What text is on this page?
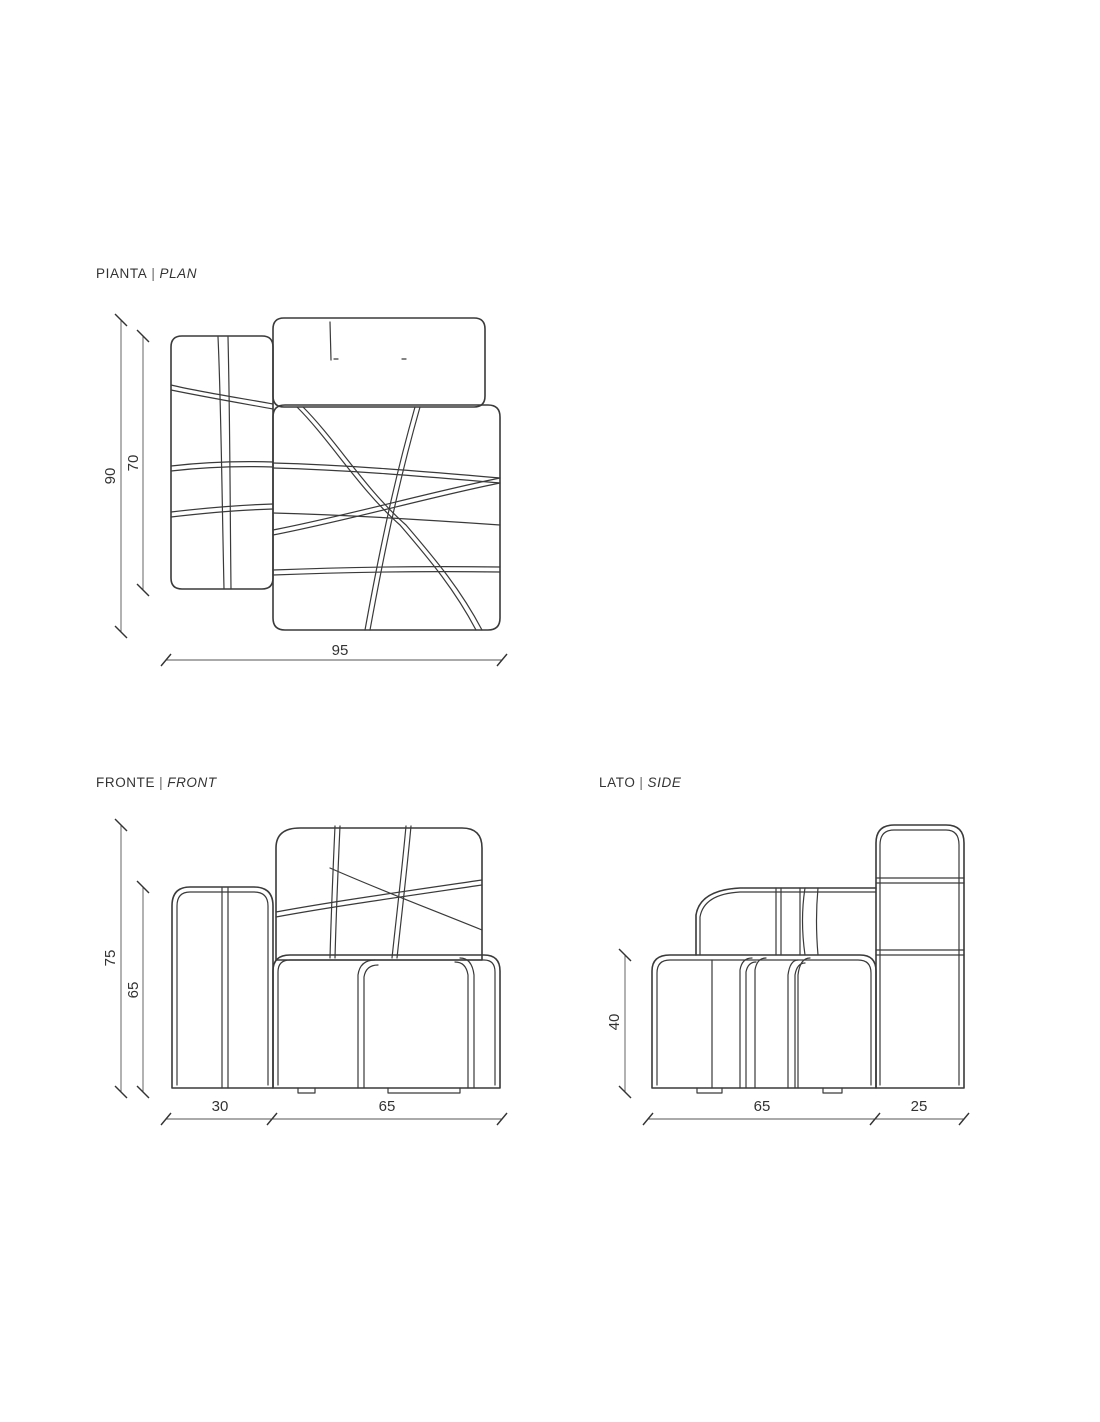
PIANTA | PLAN
FRONTE | FRONT	LATO | SIDE
90
70
95
75
65
30	65
40
65	25
